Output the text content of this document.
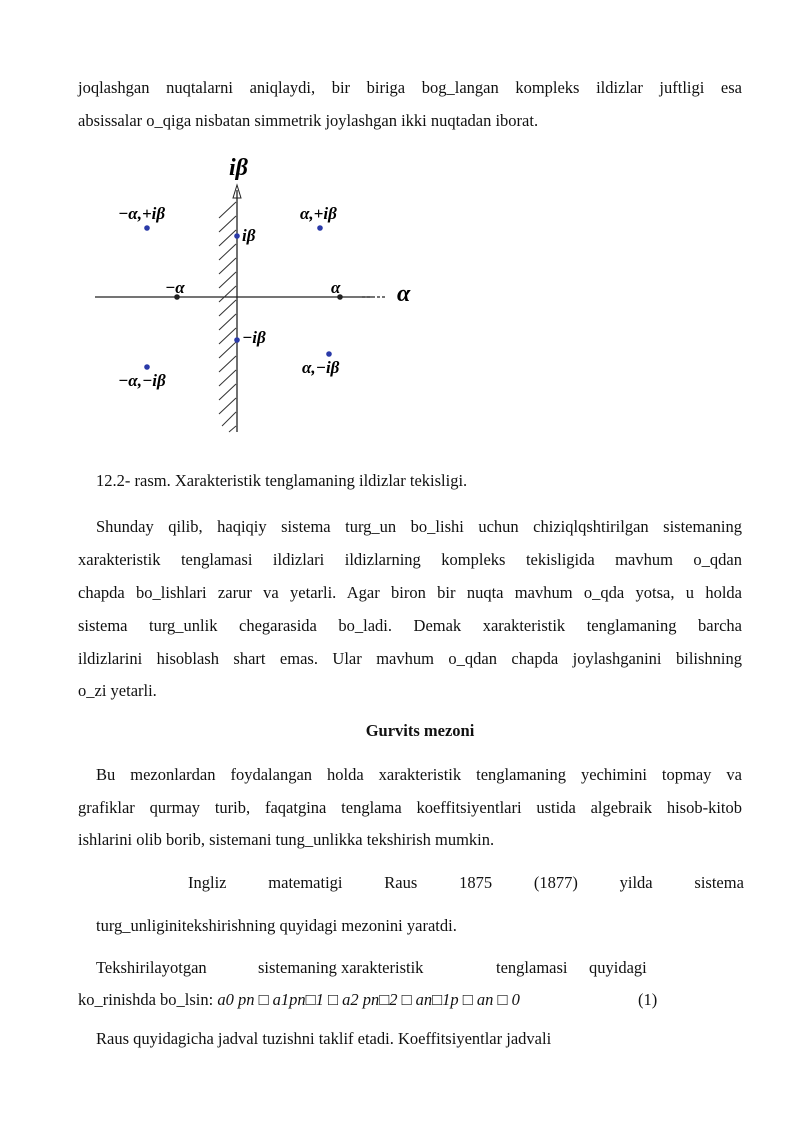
joqlashgan nuqtalarni aniqlaydi, bir biriga bog_langan kompleks ildizlar juftligi esa
absissalar o_qiga nisbatan simmetrik joylashgan ikki nuqtadan iborat.
iβ
α
−α,+iβ	α,+iβ
iβ
−α	α
−iβ
−α,−iβ
α,−iβ
12.2- rasm. Xarakteristik tenglamaning ildizlar tekisligi.
Shunday qilib, haqiqiy sistema turg_un bo_lishi uchun chiziqlqshtirilgan sistemaning
xarakteristik tenglamasi ildizlari ildizlarning kompleks tekisligida mavhum o_qdan
chapda bo_lishlari zarur va yetarli. Agar biron bir nuqta mavhum o_qda yotsa, u holda
sistema turg_unlik chegarasida bo_ladi. Demak xarakteristik tenglamaning barcha
ildizlarini hisoblash shart emas. Ular mavhum o_qdan chapda joylashganini bilishning
o_zi yetarli.
Gurvits mezoni
Bu mezonlardan foydalangan holda xarakteristik tenglamaning yechimini topmay va
grafiklar qurmay turib, faqatgina tenglama koeffitsiyentlari ustida algebraik hisob-kitob
ishlarini olib borib, sistemani tung_unlikka tekshirish mumkin.
Ingliz	matematigi	Raus	1875	(1877)	yilda	sistema
turg_unliginitekshirishning quyidagi mezonini yaratdi.
Tekshirilayotgan	sistemaning xarakteristik	tenglamasi quyidagi
ko_rinishda bo_lsin: a0 pn □ a1pn□1 □ a2 pn□2 □ an□1p □ an □ 0	(1)
Raus quyidagicha jadval tuzishni taklif etadi. Koeffitsiyentlar jadvali
